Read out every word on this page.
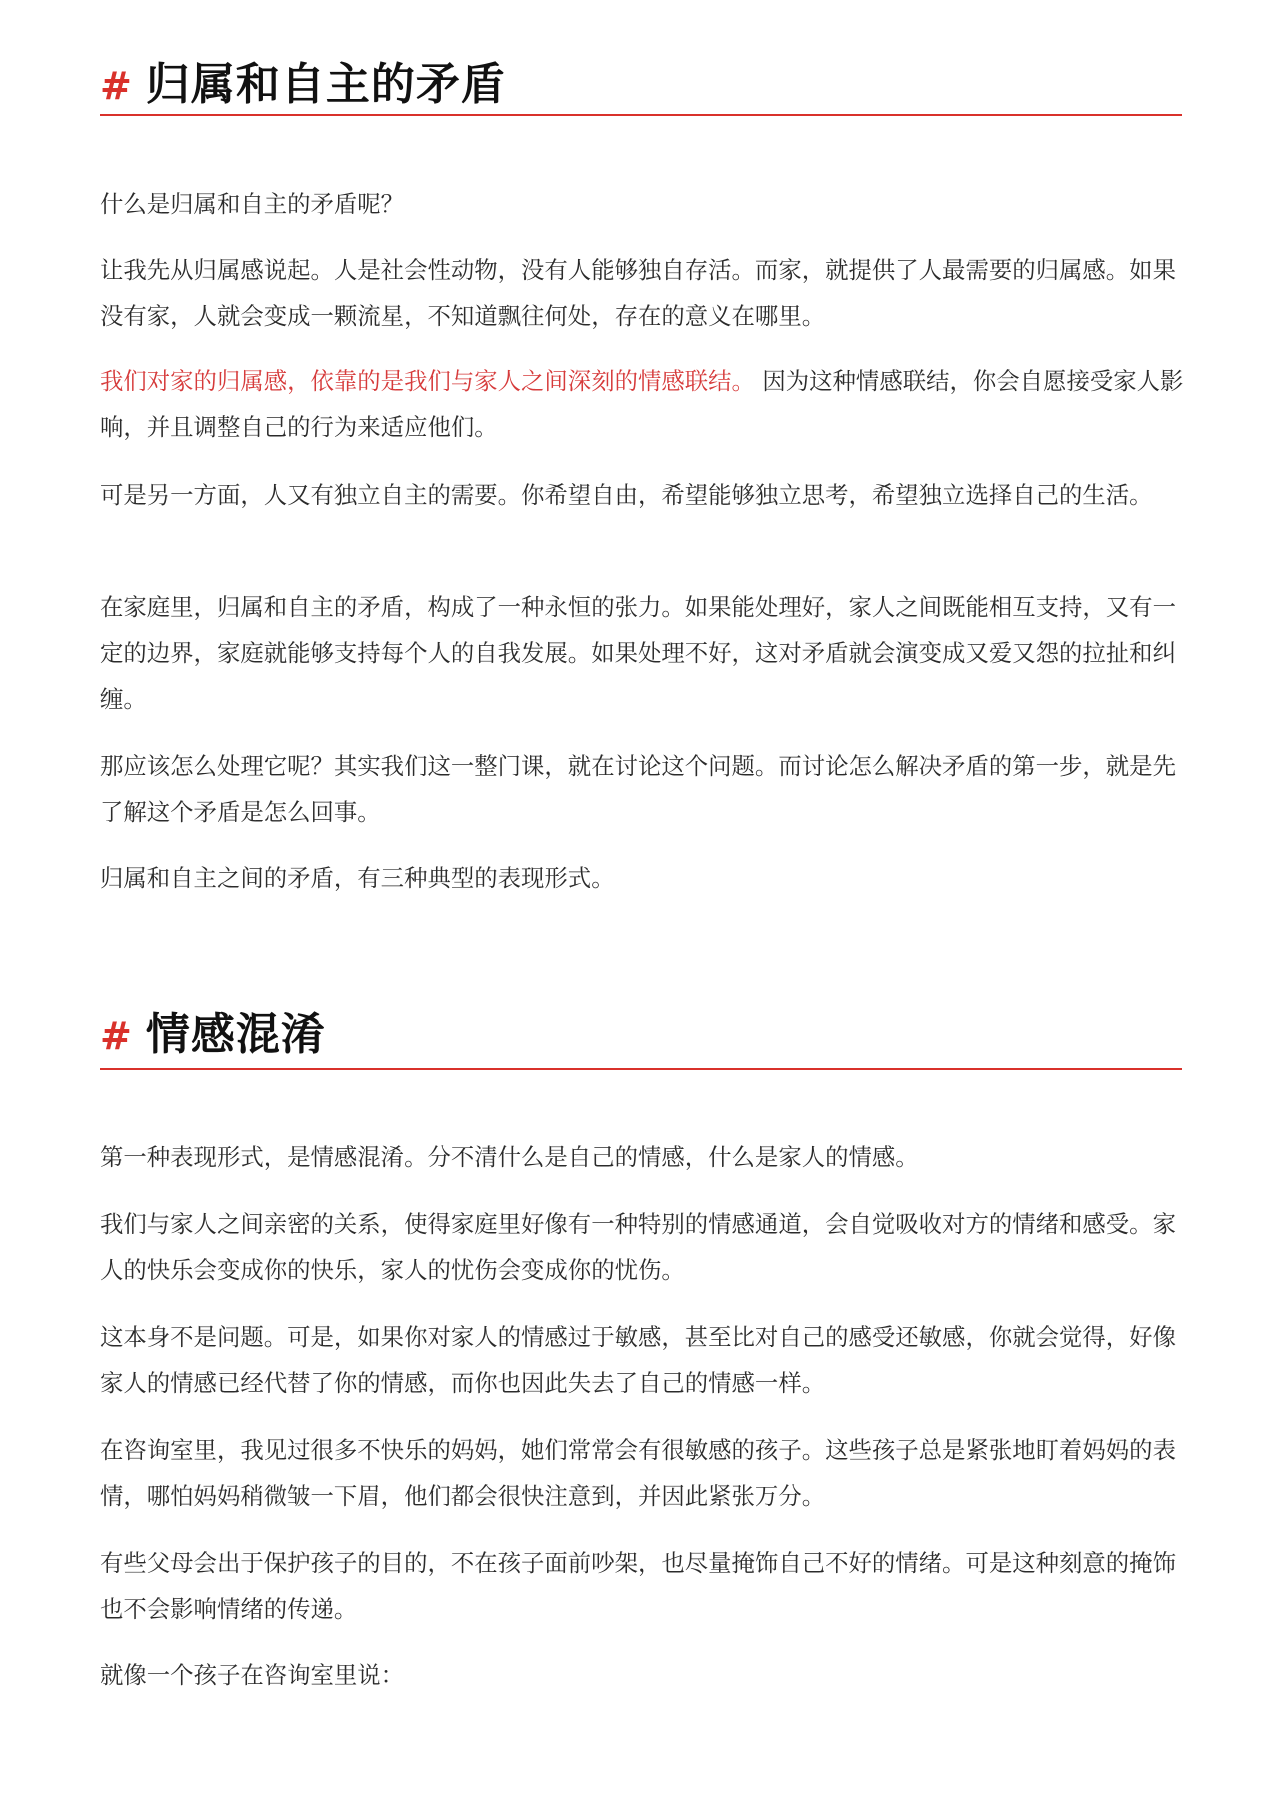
# 归属和自主的矛盾

什么是归属和自主的矛盾呢？

让我先从归属感说起。人是社会性动物，没有人能够独自存活。而家，就提供了人最需要的归属感。如果没有家，人就会变成一颗流星，不知道飘往何处，存在的意义在哪里。

我们对家的归属感，依靠的是我们与家人之间深刻的情感联结。 因为这种情感联结，你会自愿接受家人影响，并且调整自己的行为来适应他们。

可是另一方面，人又有独立自主的需要。你希望自由，希望能够独立思考，希望独立选择自己的生活。

在家庭里，归属和自主的矛盾，构成了一种永恒的张力。如果能处理好，家人之间既能相互支持，又有一定的边界，家庭就能够支持每个人的自我发展。如果处理不好，这对矛盾就会演变成又爱又怨的拉扯和纠缠。

那应该怎么处理它呢？其实我们这一整门课，就在讨论这个问题。而讨论怎么解决矛盾的第一步，就是先了解这个矛盾是怎么回事。

归属和自主之间的矛盾，有三种典型的表现形式。

# 情感混淆

第一种表现形式，是情感混淆。分不清什么是自己的情感，什么是家人的情感。

我们与家人之间亲密的关系，使得家庭里好像有一种特别的情感通道，会自觉吸收对方的情绪和感受。家人的快乐会变成你的快乐，家人的忧伤会变成你的忧伤。

这本身不是问题。可是，如果你对家人的情感过于敏感，甚至比对自己的感受还敏感，你就会觉得，好像家人的情感已经代替了你的情感，而你也因此失去了自己的情感一样。

在咨询室里，我见过很多不快乐的妈妈，她们常常会有很敏感的孩子。这些孩子总是紧张地盯着妈妈的表情，哪怕妈妈稍微皱一下眉，他们都会很快注意到，并因此紧张万分。

有些父母会出于保护孩子的目的，不在孩子面前吵架，也尽量掩饰自己不好的情绪。可是这种刻意的掩饰也不会影响情绪的传递。

就像一个孩子在咨询室里说：
